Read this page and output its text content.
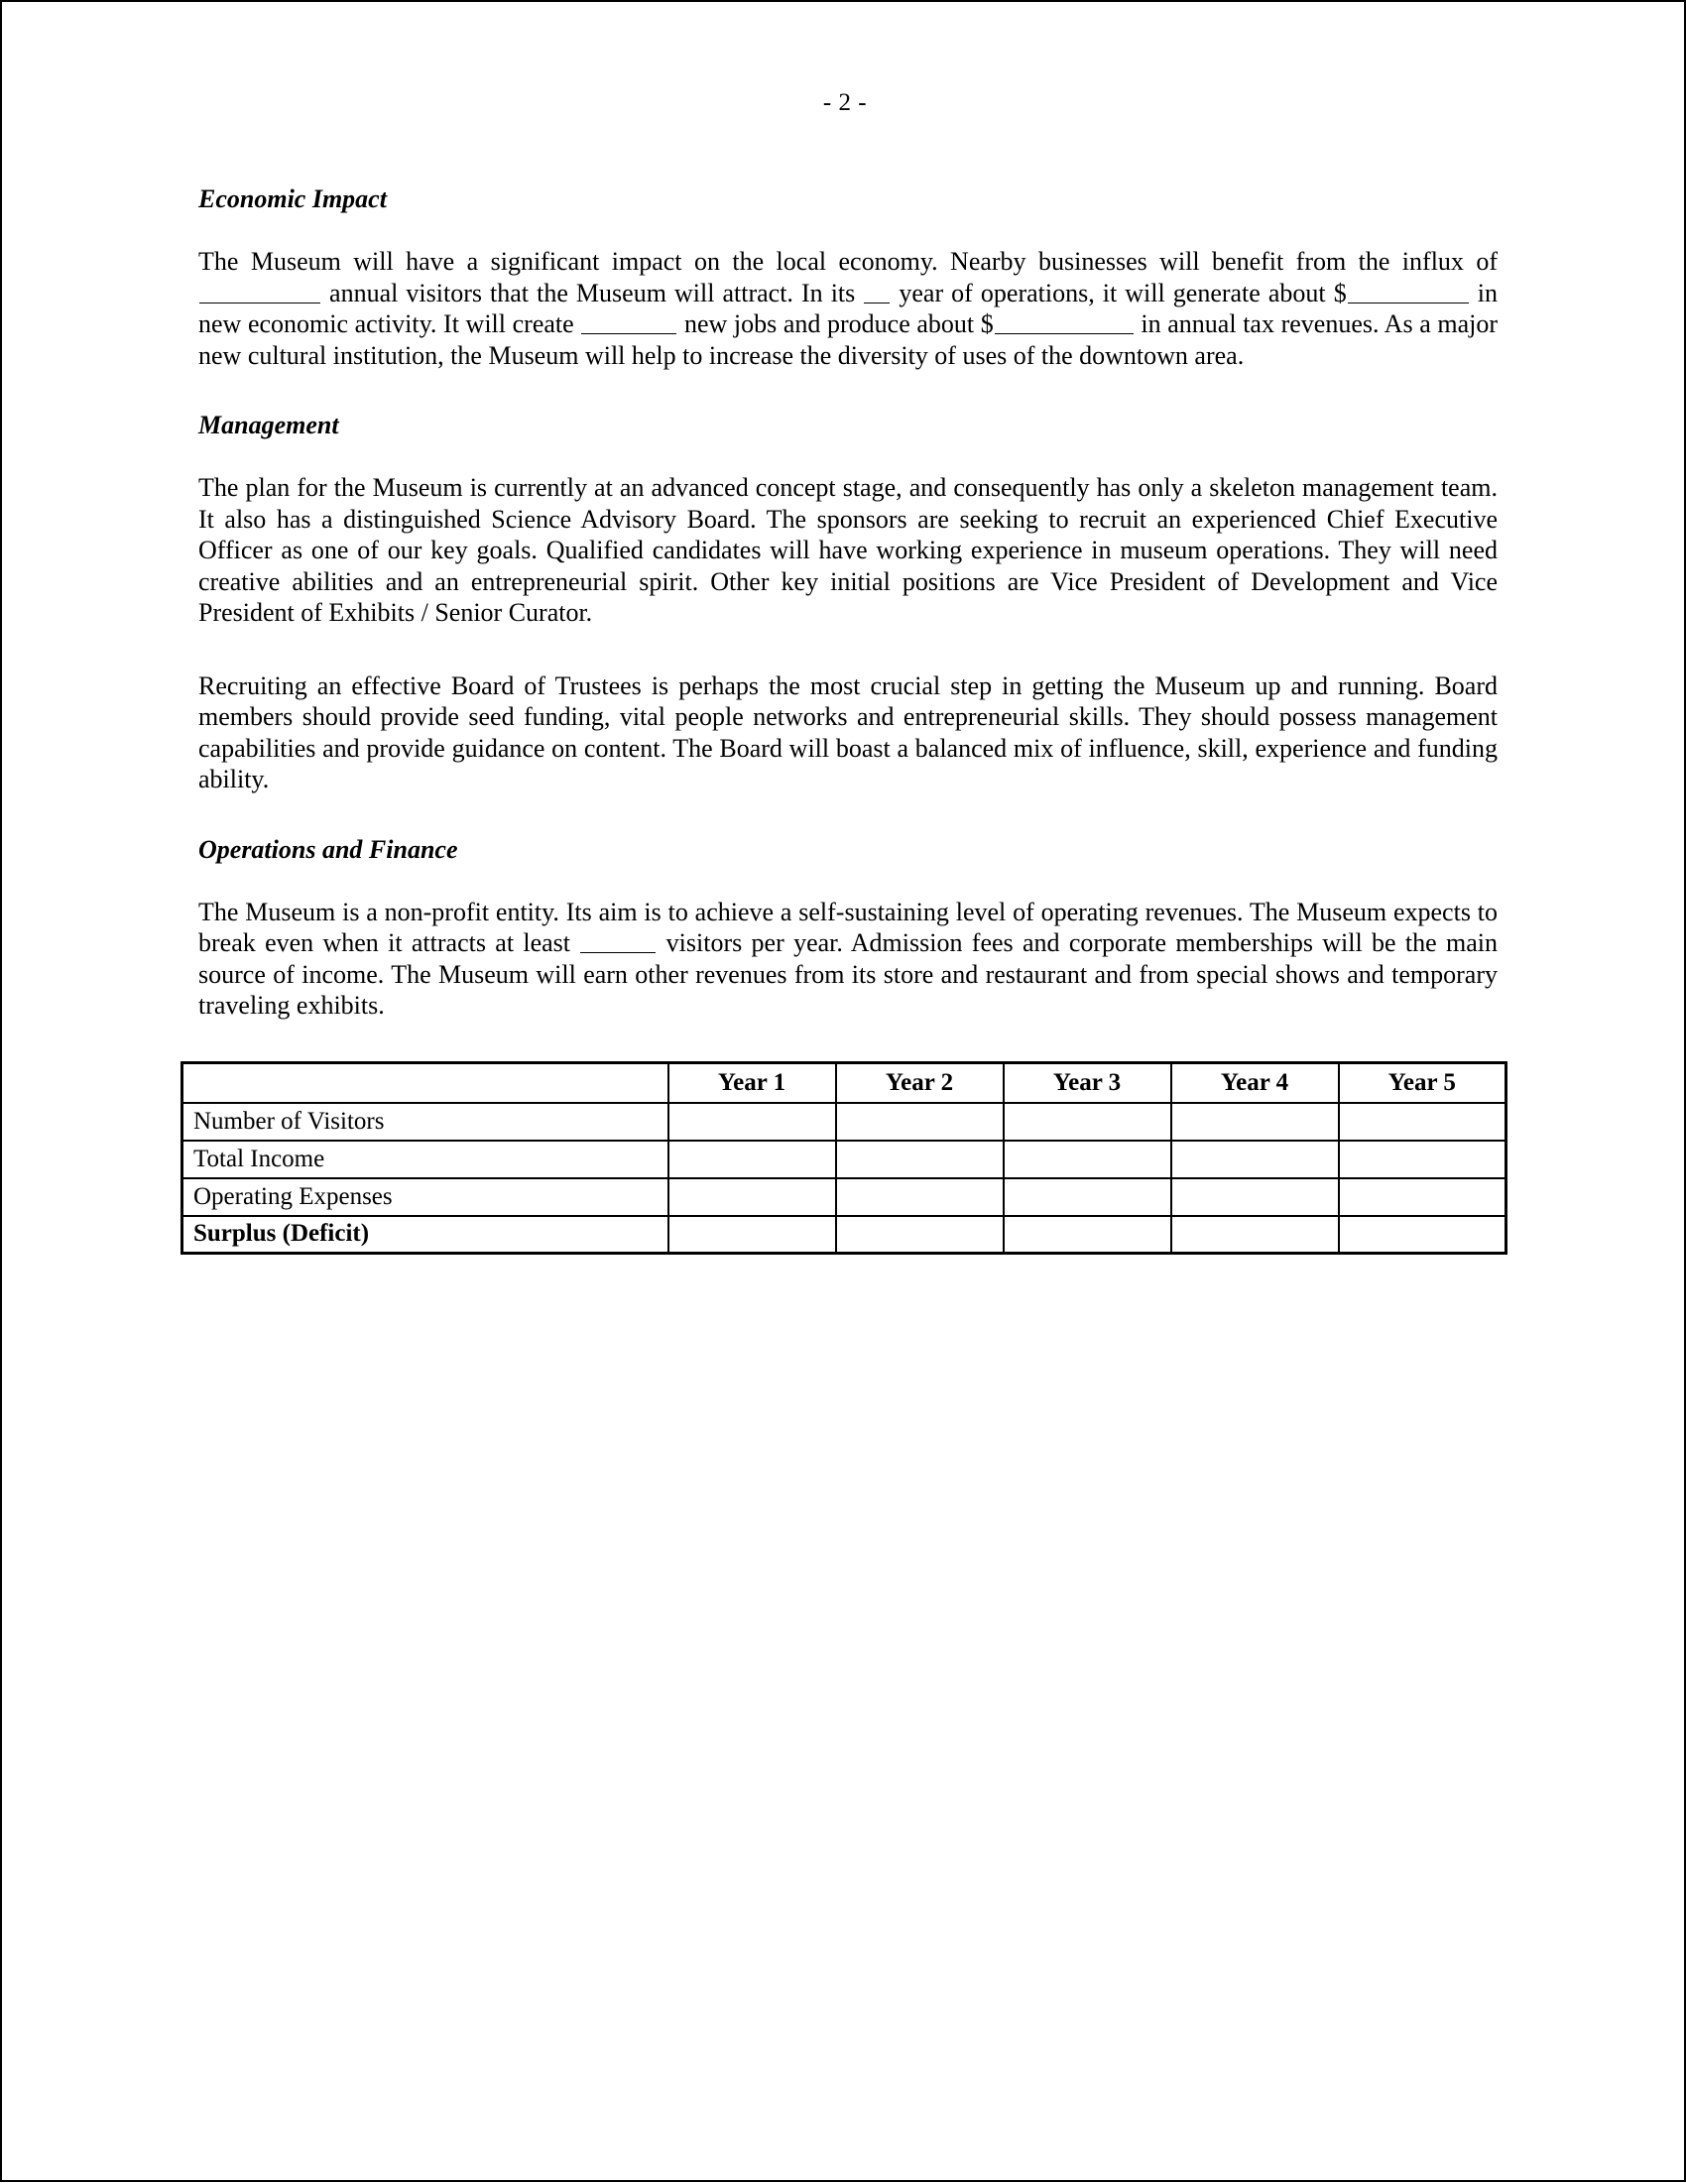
- 2 -
Economic Impact

The Museum will have a significant impact on the local economy. Nearby businesses will benefit from the influx of  annual visitors that the Museum will attract. In its  year of operations, it will generate about $	in new economic activity. It will create	new jobs and produce about $	in annual tax revenues. As a major new cultural institution, the Museum will help to increase the diversity of uses of the downtown area.

Management

The plan for the Museum is currently at an advanced concept stage, and consequently has only a skeleton management team. It also has a distinguished Science Advisory Board. The sponsors are seeking to recruit an experienced Chief Executive Officer as one of our key goals. Qualified candidates will have working experience in museum operations. They will need creative abilities and an entrepreneurial spirit. Other key initial positions are Vice President of Development and Vice President of Exhibits / Senior Curator.

Recruiting an effective Board of Trustees is perhaps the most crucial step in getting the Museum up and running. Board members should provide seed funding, vital people networks and entrepreneurial skills. They should possess management capabilities and provide guidance on content. The Board will boast a balanced mix of influence, skill, experience and funding ability.

Operations and Finance

The Museum is a non-profit entity. Its aim is to achieve a self-sustaining level of operating revenues. The Museum expects to break even when it attracts at least	visitors per year. Admission fees and corporate memberships will be the main source of income. The Museum will earn other revenues from its store and restaurant and from special shows and temporary traveling exhibits.

	Year 1	Year 2	Year 3	Year 4	Year 5
Number of Visitors					
Total Income					
Operating Expenses					
Surplus (Deficit)					
